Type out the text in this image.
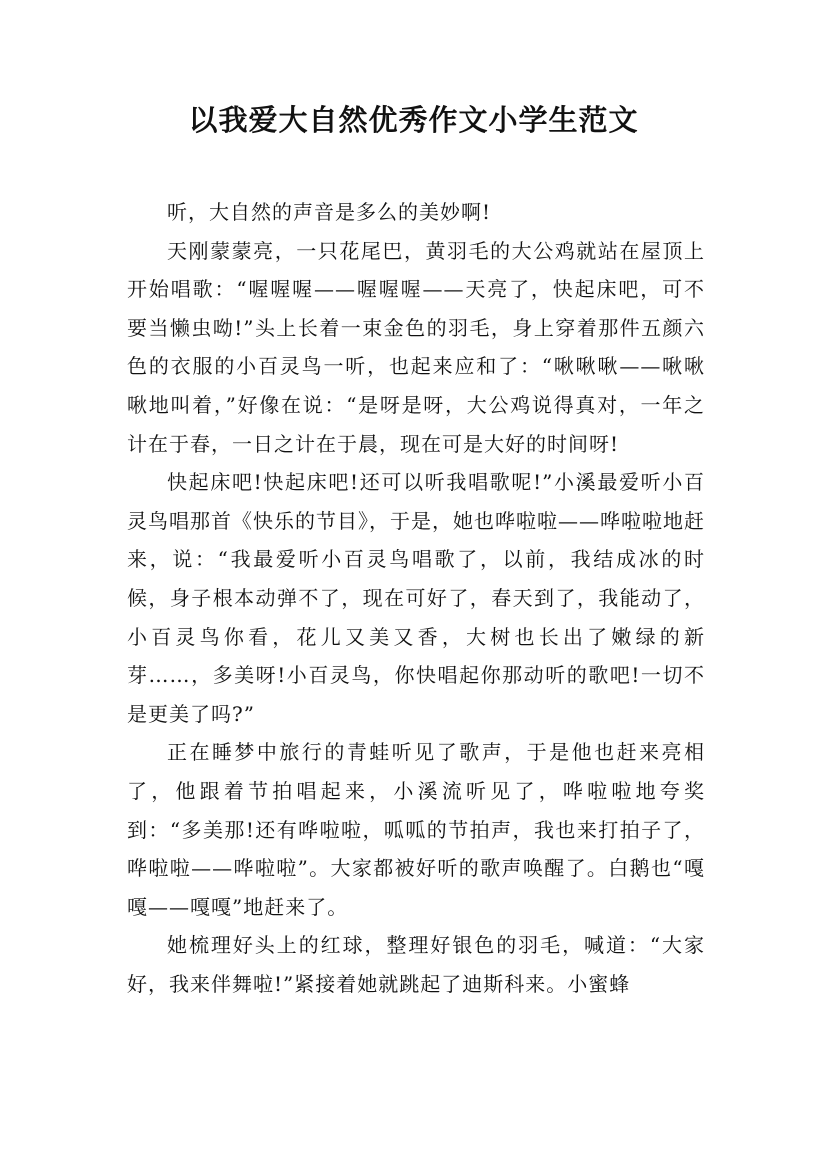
以我爱大自然优秀作文小学生范文

听，大自然的声音是多么的美妙啊!

天刚蒙蒙亮，一只花尾巴，黄羽毛的大公鸡就站在屋顶上开始唱歌：“喔喔喔——喔喔喔——天亮了，快起床吧，可不要当懒虫呦!”头上长着一束金色的羽毛，身上穿着那件五颜六色的衣服的小百灵鸟一听，也起来应和了：“啾啾啾——啾啾啾地叫着，”好像在说：“是呀是呀，大公鸡说得真对，一年之计在于春，一日之计在于晨，现在可是大好的时间呀!

快起床吧!快起床吧!还可以听我唱歌呢!”小溪最爱听小百灵鸟唱那首《快乐的节目》，于是，她也哗啦啦——哗啦啦地赶来，说：“我最爱听小百灵鸟唱歌了，以前，我结成冰的时候，身子根本动弹不了，现在可好了，春天到了，我能动了，小百灵鸟你看，花儿又美又香，大树也长出了嫩绿的新芽……，多美呀!小百灵鸟，你快唱起你那动听的歌吧!一切不是更美了吗?”

正在睡梦中旅行的青蛙听见了歌声，于是他也赶来亮相了，他跟着节拍唱起来，小溪流听见了，哗啦啦地夸奖到：“多美那!还有哗啦啦，呱呱的节拍声，我也来打拍子了，哗啦啦——哗啦啦”。大家都被好听的歌声唤醒了。白鹅也“嘎嘎——嘎嘎”地赶来了。

她梳理好头上的红球，整理好银色的羽毛，喊道：“大家好，我来伴舞啦!”紧接着她就跳起了迪斯科来。小蜜蜂
